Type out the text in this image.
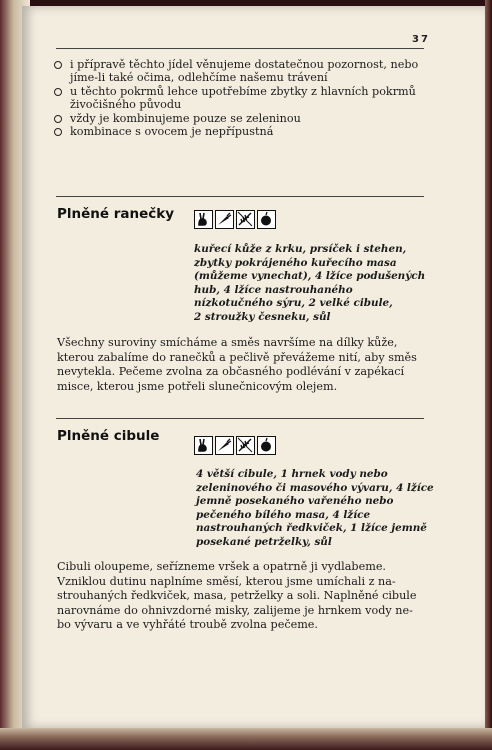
37
i přípravě těchto jídel věnujeme dostatečnou pozornost, nebo jíme-li také očima, odlehčíme našemu trávení
u těchto pokrmů lehce upotřebíme zbytky z hlavních pokrmů živočišného původu
vždy je kombinujeme pouze se zeleninou
kombinace s ovocem je nepřípustná
Plněné ranečky
kuřecí kůže z krku, prsíček i stehen,
zbytky pokrájeného kuřecího masa
(můžeme vynechat), 4 lžíce podušených
hub, 4 lžíce nastrouhaného
nízkotučného sýru, 2 velké cibule,
2 stroužky česneku, sůl
Všechny suroviny smícháme a směs navršíme na dílky kůže,
kterou zabalíme do ranečků a pečlivě převážeme nití, aby směs
nevytekla. Pečeme zvolna za občasného podlévání v zapékací
misce, kterou jsme potřeli slunečnicovým olejem.
Plněné cibule
4 větší cibule, 1 hrnek vody nebo
zeleninového či masového vývaru, 4 lžíce
jemně posekaného vařeného nebo
pečeného bílého masa, 4 lžíce
nastrouhaných ředkviček, 1 lžíce jemně
posekané petrželky, sůl
Cibuli oloupeme, seřízneme vršek a opatrně ji vydlabeme.
Vzniklou dutinu naplníme směsí, kterou jsme umíchali z na-
strouhaných ředkviček, masa, petrželky a soli. Naplněné cibule
narovnáme do ohnivzdorné misky, zalijeme je hrnkem vody ne-
bo vývaru a ve vyhřáté troubě zvolna pečeme.
